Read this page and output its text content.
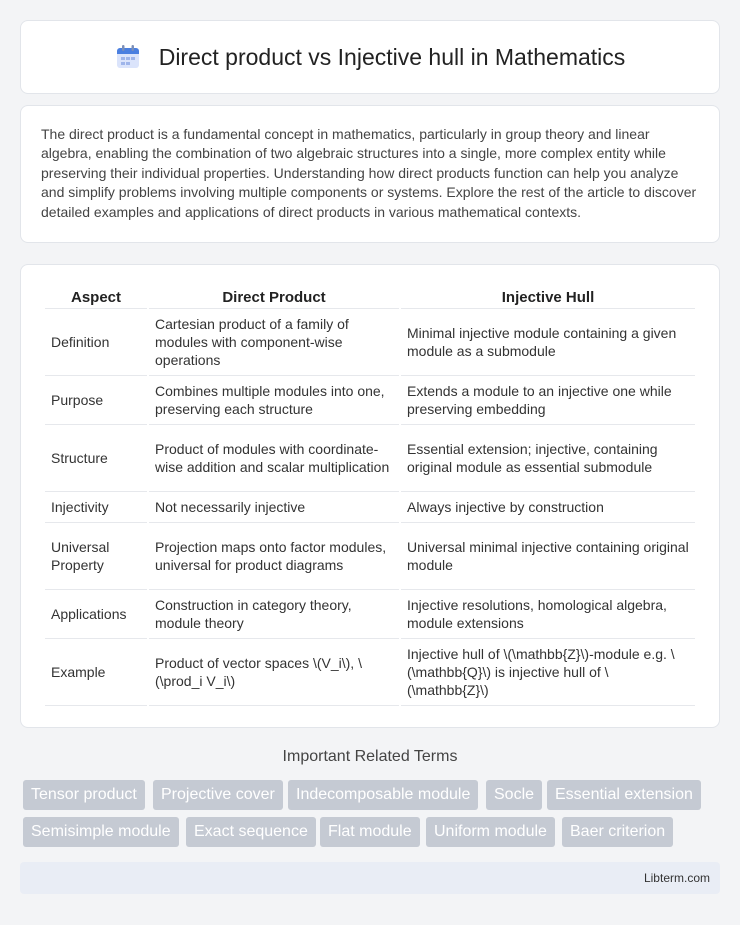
Direct product vs Injective hull in Mathematics

The direct product is a fundamental concept in mathematics, particularly in group theory and linear algebra, enabling the combination of two algebraic structures into a single, more complex entity while preserving their individual properties. Understanding how direct products function can help you analyze and simplify problems involving multiple components or systems. Explore the rest of the article to discover detailed examples and applications of direct products in various mathematical contexts.

Aspect	Direct Product	Injective Hull
Definition	Cartesian product of a family of modules with component-wise operations	Minimal injective module containing a given module as a submodule
Purpose	Combines multiple modules into one, preserving each structure	Extends a module to an injective one while preserving embedding
Structure	Product of modules with coordinate-wise addition and scalar multiplication	Essential extension; injective, containing original module as essential submodule
Injectivity	Not necessarily injective	Always injective by construction
Universal Property	Projection maps onto factor modules, universal for product diagrams	Universal minimal injective containing original module
Applications	Construction in category theory, module theory	Injective resolutions, homological algebra, module extensions
Example	Product of vector spaces \(V_i\), \(\prod_i V_i\)	Injective hull of \(\mathbb{Z}\)-module e.g. \(\mathbb{Q}\) is injective hull of \(\mathbb{Z}\)
Important Related Terms
Tensor product	Projective cover	Indecomposable module	Socle	Essential extension
Semisimple module	Exact sequence	Flat module	Uniform module	Baer criterion
Libterm.com
